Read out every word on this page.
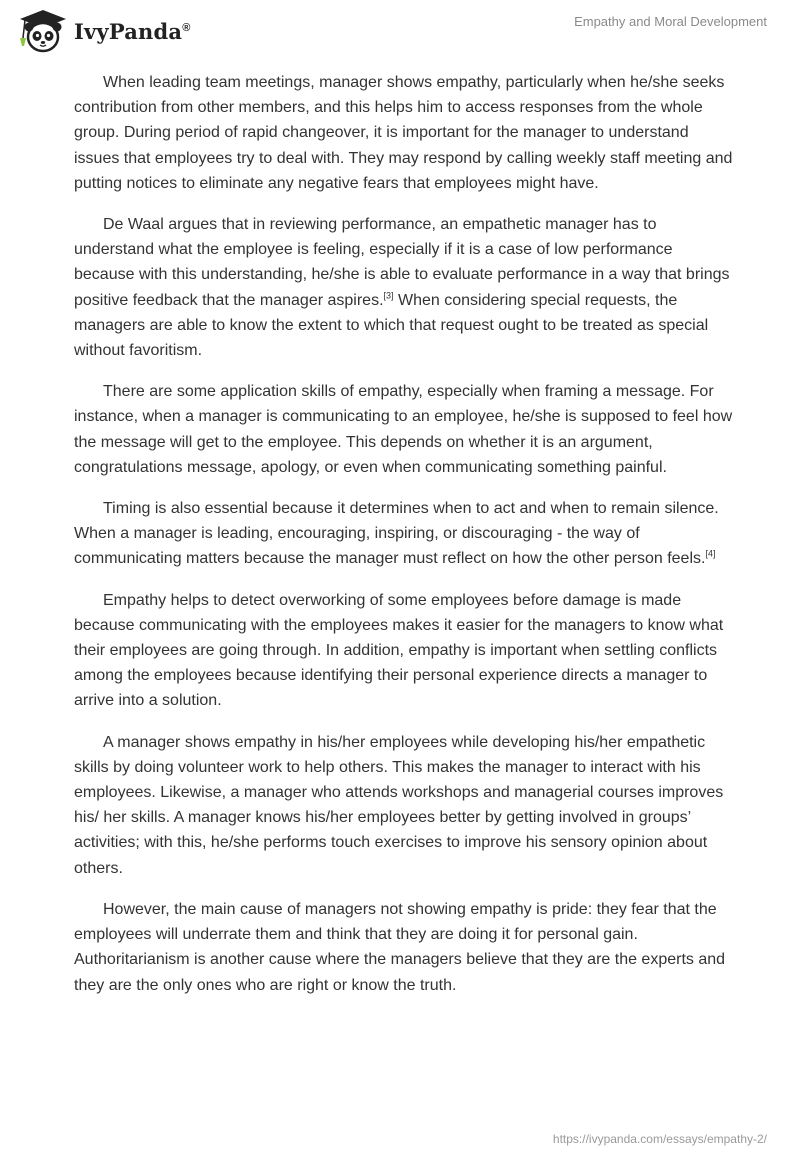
IvyPanda®	Empathy and Moral Development

When leading team meetings, manager shows empathy, particularly when he/she seeks contribution from other members, and this helps him to access responses from the whole group. During period of rapid changeover, it is important for the manager to understand issues that employees try to deal with. They may respond by calling weekly staff meeting and putting notices to eliminate any negative fears that employees might have.

De Waal argues that in reviewing performance, an empathetic manager has to understand what the employee is feeling, especially if it is a case of low performance because with this understanding, he/she is able to evaluate performance in a way that brings positive feedback that the manager aspires.[3] When considering special requests, the managers are able to know the extent to which that request ought to be treated as special without favoritism.

There are some application skills of empathy, especially when framing a message. For instance, when a manager is communicating to an employee, he/she is supposed to feel how the message will get to the employee. This depends on whether it is an argument, congratulations message, apology, or even when communicating something painful.

Timing is also essential because it determines when to act and when to remain silence. When a manager is leading, encouraging, inspiring, or discouraging - the way of communicating matters because the manager must reflect on how the other person feels.[4]

Empathy helps to detect overworking of some employees before damage is made because communicating with the employees makes it easier for the managers to know what their employees are going through. In addition, empathy is important when settling conflicts among the employees because identifying their personal experience directs a manager to arrive into a solution.

A manager shows empathy in his/her employees while developing his/her empathetic skills by doing volunteer work to help others. This makes the manager to interact with his employees. Likewise, a manager who attends workshops and managerial courses improves his/ her skills. A manager knows his/her employees better by getting involved in groups’ activities; with this, he/she performs touch exercises to improve his sensory opinion about others.

However, the main cause of managers not showing empathy is pride: they fear that the employees will underrate them and think that they are doing it for personal gain. Authoritarianism is another cause where the managers believe that they are the experts and they are the only ones who are right or know the truth.

https://ivypanda.com/essays/empathy-2/
